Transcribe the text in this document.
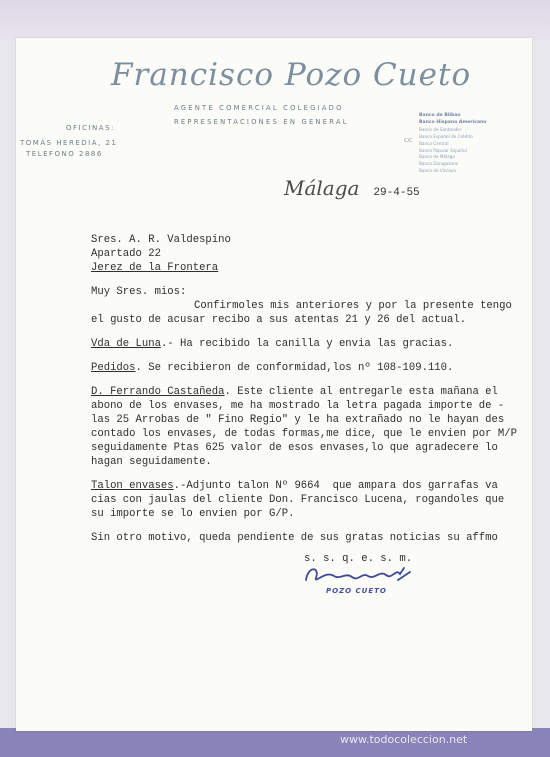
Francisco Pozo Cueto
AGENTE COMERCIAL COLEGIADO
REPRESENTACIONES EN GENERAL
OFICINAS:
TOMÁS HEREDIA, 21
TELEFONO 2886
C/C
Banco de Bilbao
Banco Hispano Americano
Banco de Santander
Banco Español de Crédito
Banco Central
Banco Popular Español
Banco de Málaga
Banco Zaragozano
Banco de Vizcaya
Málaga 29-4-55
Sres. A. R. Valdespino
Apartado 22
Jerez de la Frontera
Muy Sres. mios:
Confirmoles mis anteriores y por la presente tengo
el gusto de acusar recibo a sus atentas 21 y 26 del actual.
Vda de Luna.- Ha recibido la canilla y envia las gracias.
Pedidos. Se recibieron de conformidad,los nº 108-109.110.
D. Ferrando Castañeda. Este cliente al entregarle esta mañana el
abono de los envases, me ha mostrado la letra pagada importe de -
las 25 Arrobas de " Fino Regio" y le ha extrañado no le hayan des
contado los envases, de todas formas,me dice, que le envien por M/P
seguidamente Ptas 625 valor de esos envases,lo que agradecere lo
hagan seguidamente.
Talon envases.-Adjunto talon Nº 9664  que ampara dos garrafas va
cias con jaulas del cliente Don. Francisco Lucena, rogandoles que
su importe se lo envien por G/P.
Sin otro motivo, queda pendiente de sus gratas noticias su affmo
s. s. q. e. s. m.
POZO CUETO
www.todocoleccion.net
